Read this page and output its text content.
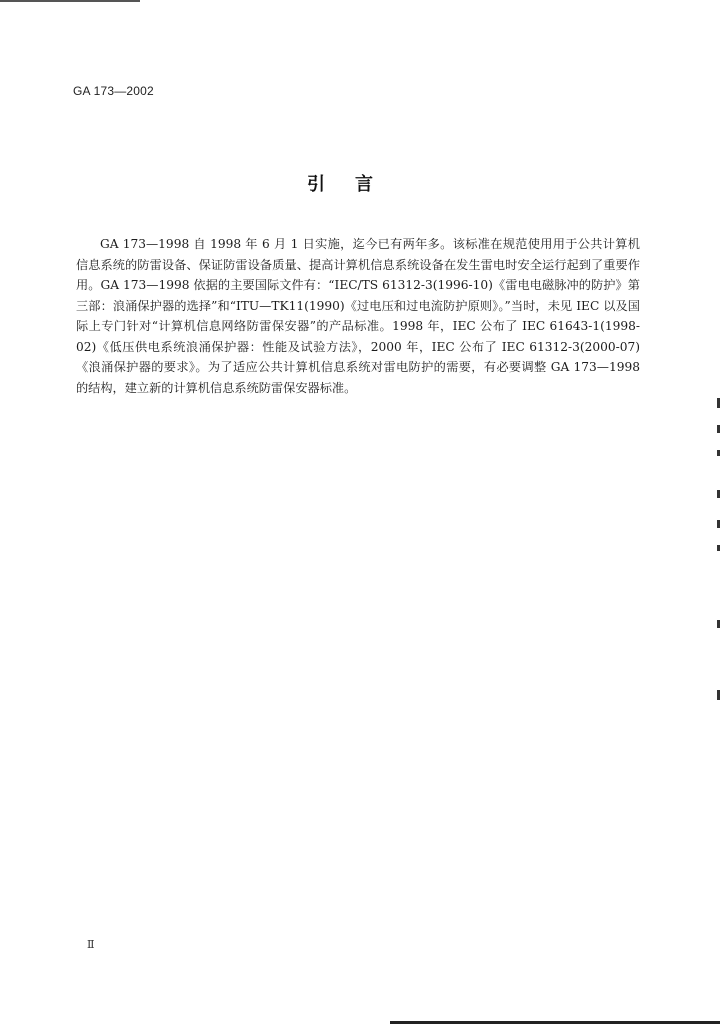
GA 173—2002
引言

GA 173—1998 自 1998 年 6 月 1 日实施，迄今已有两年多。该标准在规范使用用于公共计算机信息系统的防雷设备、保证防雷设备质量、提高计算机信息系统设备在发生雷电时安全运行起到了重要作用。GA 173—1998 依据的主要国际文件有：“IEC/TS 61312-3(1996-10)《雷电电磁脉冲的防护》第三部：浪涌保护器的选择”和“ITU—TK11(1990)《过电压和过电流防护原则》。”当时，未见 IEC 以及国际上专门针对“计算机信息网络防雷保安器”的产品标准。1998 年，IEC 公布了 IEC 61643-1(1998-02)《低压供电系统浪涌保护器：性能及试验方法》，2000 年，IEC 公布了 IEC 61312-3(2000-07)《浪涌保护器的要求》。为了适应公共计算机信息系统对雷电防护的需要，有必要调整 GA 173—1998 的结构，建立新的计算机信息系统防雷保安器标准。

Ⅱ
